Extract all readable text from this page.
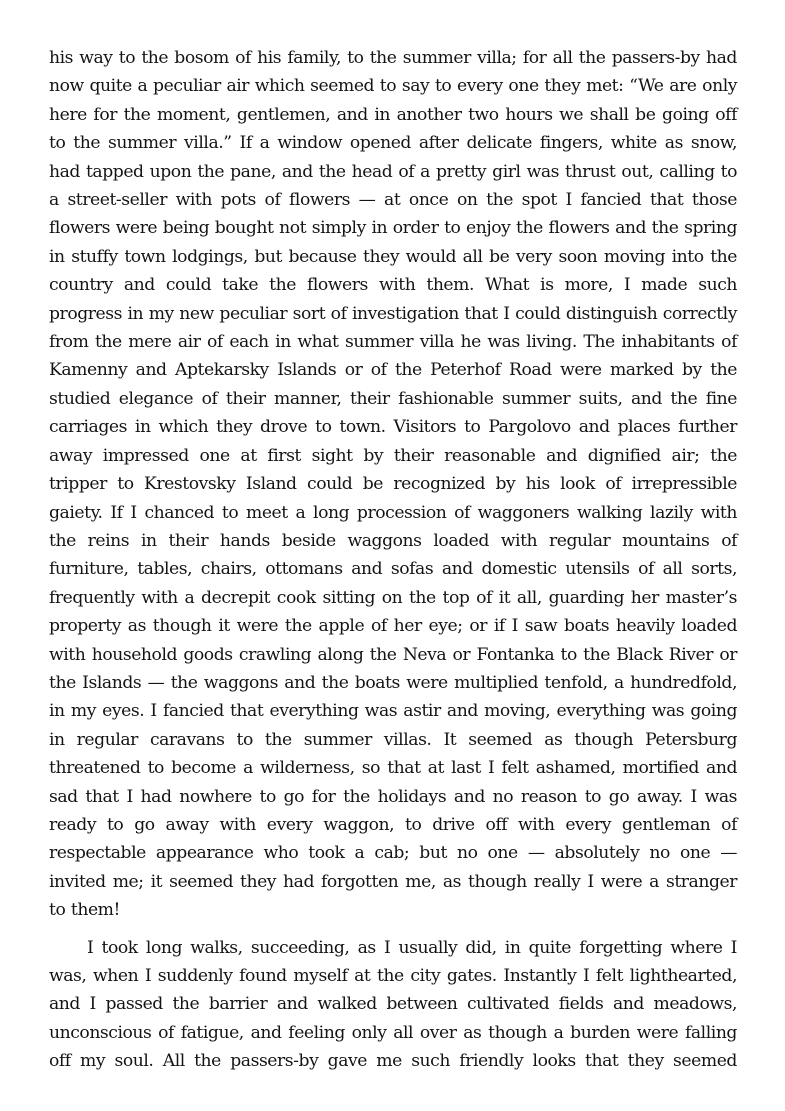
his way to the bosom of his family, to the summer villa; for all the passers-by had now quite a peculiar air which seemed to say to every one they met: “We are only here for the moment, gentlemen, and in another two hours we shall be going off to the summer villa.” If a window opened after delicate fingers, white as snow, had tapped upon the pane, and the head of a pretty girl was thrust out, calling to a street-seller with pots of flowers — at once on the spot I fancied that those flowers were being bought not simply in order to enjoy the flowers and the spring in stuffy town lodgings, but because they would all be very soon moving into the country and could take the flowers with them. What is more, I made such progress in my new peculiar sort of investigation that I could distinguish correctly from the mere air of each in what summer villa he was living. The inhabitants of Kamenny and Aptekarsky Islands or of the Peterhof Road were marked by the studied elegance of their manner, their fashionable summer suits, and the fine carriages in which they drove to town. Visitors to Pargolovo and places further away impressed one at first sight by their reasonable and dignified air; the tripper to Krestovsky Island could be recognized by his look of irrepressible gaiety. If I chanced to meet a long procession of waggoners walking lazily with the reins in their hands beside waggons loaded with regular mountains of furniture, tables, chairs, ottomans and sofas and domestic utensils of all sorts, frequently with a decrepit cook sitting on the top of it all, guarding her master’s property as though it were the apple of her eye; or if I saw boats heavily loaded with household goods crawling along the Neva or Fontanka to the Black River or the Islands — the waggons and the boats were multiplied tenfold, a hundredfold, in my eyes. I fancied that everything was astir and moving, everything was going in regular caravans to the summer villas. It seemed as though Petersburg threatened to become a wilderness, so that at last I felt ashamed, mortified and sad that I had nowhere to go for the holidays and no reason to go away. I was ready to go away with every waggon, to drive off with every gentleman of respectable appearance who took a cab; but no one — absolutely no one — invited me; it seemed they had forgotten me, as though really I were a stranger to them!

I took long walks, succeeding, as I usually did, in quite forgetting where I was, when I suddenly found myself at the city gates. Instantly I felt lighthearted, and I passed the barrier and walked between cultivated fields and meadows, unconscious of fatigue, and feeling only all over as though a burden were falling off my soul. All the passers-by gave me such friendly looks that they seemed
